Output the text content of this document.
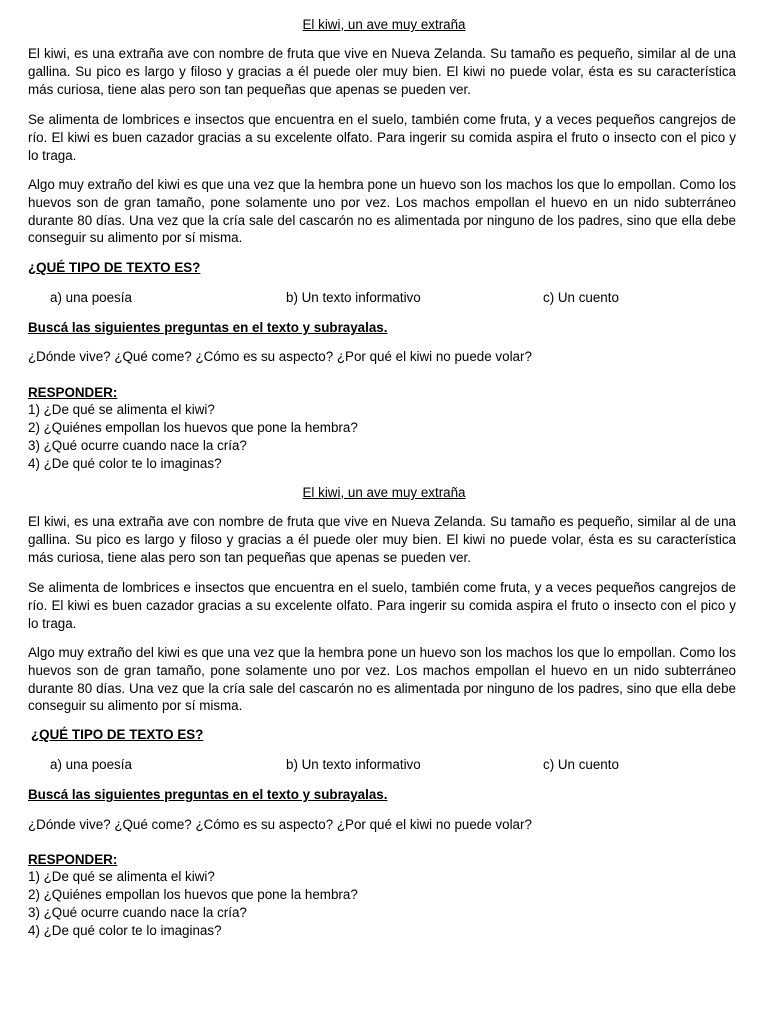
El kiwi, un ave muy extraña

El kiwi, es una extraña ave con nombre de fruta que vive en Nueva Zelanda. Su tamaño es pequeño, similar al de una gallina. Su pico es largo y filoso y gracias a él puede oler muy bien. El kiwi no puede volar, ésta es su característica más curiosa, tiene alas pero son tan pequeñas que apenas se pueden ver.

Se alimenta de lombrices e insectos que encuentra en el suelo, también come fruta, y a veces pequeños cangrejos de río. El kiwi es buen cazador gracias a su excelente olfato. Para ingerir su comida aspira el fruto o insecto con el pico y lo traga.

Algo muy extraño del kiwi es que una vez que la hembra pone un huevo son los machos los que lo empollan. Como los huevos son de gran tamaño, pone solamente uno por vez. Los machos empollan el huevo en un nido subterráneo durante 80 días. Una vez que la cría sale del cascarón no es alimentada por ninguno de los padres, sino que ella debe conseguir su alimento por sí misma.

¿QUÉ TIPO DE TEXTO ES?
a) una poesía	b) Un texto informativo	c) Un cuento
Buscá las siguientes preguntas en el texto y subrayalas.
¿Dónde vive? ¿Qué come? ¿Cómo es su aspecto? ¿Por qué el kiwi no puede volar?
RESPONDER:
1) ¿De qué se alimenta el kiwi?
2) ¿Quiénes empollan los huevos que pone la hembra?
3) ¿Qué ocurre cuando nace la cría?
4) ¿De qué color te lo imaginas?
El kiwi, un ave muy extraña

El kiwi, es una extraña ave con nombre de fruta que vive en Nueva Zelanda. Su tamaño es pequeño, similar al de una gallina. Su pico es largo y filoso y gracias a él puede oler muy bien. El kiwi no puede volar, ésta es su característica más curiosa, tiene alas pero son tan pequeñas que apenas se pueden ver.

Se alimenta de lombrices e insectos que encuentra en el suelo, también come fruta, y a veces pequeños cangrejos de río. El kiwi es buen cazador gracias a su excelente olfato. Para ingerir su comida aspira el fruto o insecto con el pico y lo traga.

Algo muy extraño del kiwi es que una vez que la hembra pone un huevo son los machos los que lo empollan. Como los huevos son de gran tamaño, pone solamente uno por vez. Los machos empollan el huevo en un nido subterráneo durante 80 días. Una vez que la cría sale del cascarón no es alimentada por ninguno de los padres, sino que ella debe conseguir su alimento por sí misma.

¿QUÉ TIPO DE TEXTO ES?
a) una poesía	b) Un texto informativo	c) Un cuento
Buscá las siguientes preguntas en el texto y subrayalas.
¿Dónde vive? ¿Qué come? ¿Cómo es su aspecto? ¿Por qué el kiwi no puede volar?
RESPONDER:
1) ¿De qué se alimenta el kiwi?
2) ¿Quiénes empollan los huevos que pone la hembra?
3) ¿Qué ocurre cuando nace la cría?
4) ¿De qué color te lo imaginas?
